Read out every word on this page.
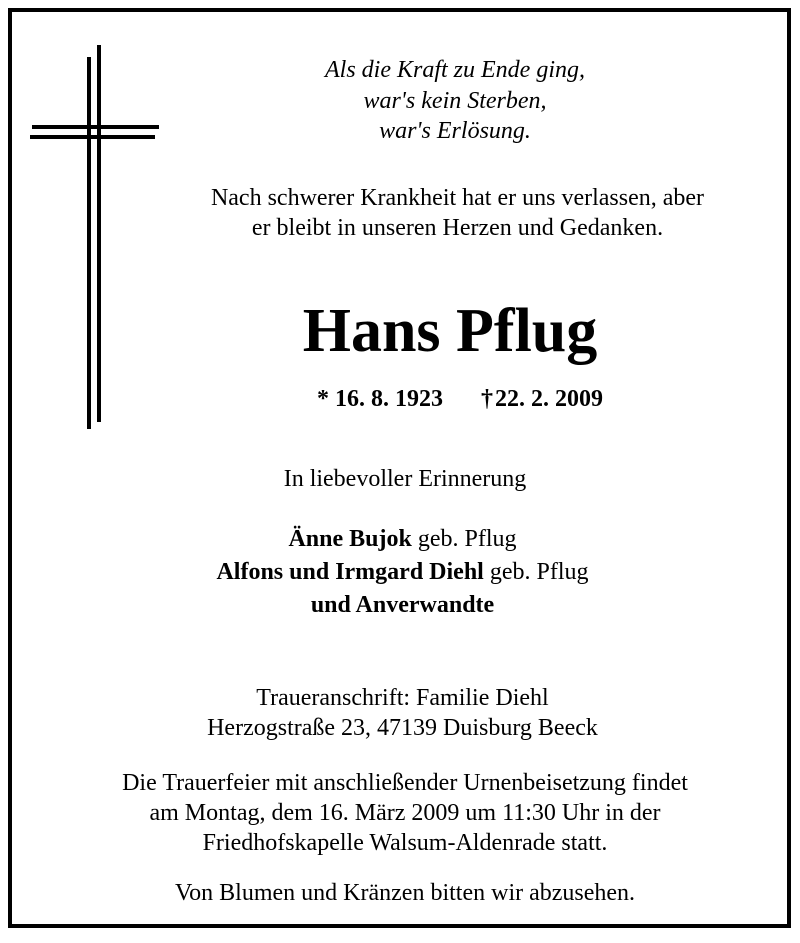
Als die Kraft zu Ende ging,
war's kein Sterben,
war's Erlösung.
Nach schwerer Krankheit hat er uns verlassen, aber
er bleibt in unseren Herzen und Gedanken.
Hans Pflug
* 16. 8. 1923 † 22. 2. 2009
In liebevoller Erinnerung
Änne Bujok geb. Pflug
Alfons und Irmgard Diehl geb. Pflug
und Anverwandte
Traueranschrift: Familie Diehl
Herzogstraße 23, 47139 Duisburg Beeck
Die Trauerfeier mit anschließender Urnenbeisetzung findet
am Montag, dem 16. März 2009 um 11:30 Uhr in der
Friedhofskapelle Walsum-Aldenrade statt.
Von Blumen und Kränzen bitten wir abzusehen.
